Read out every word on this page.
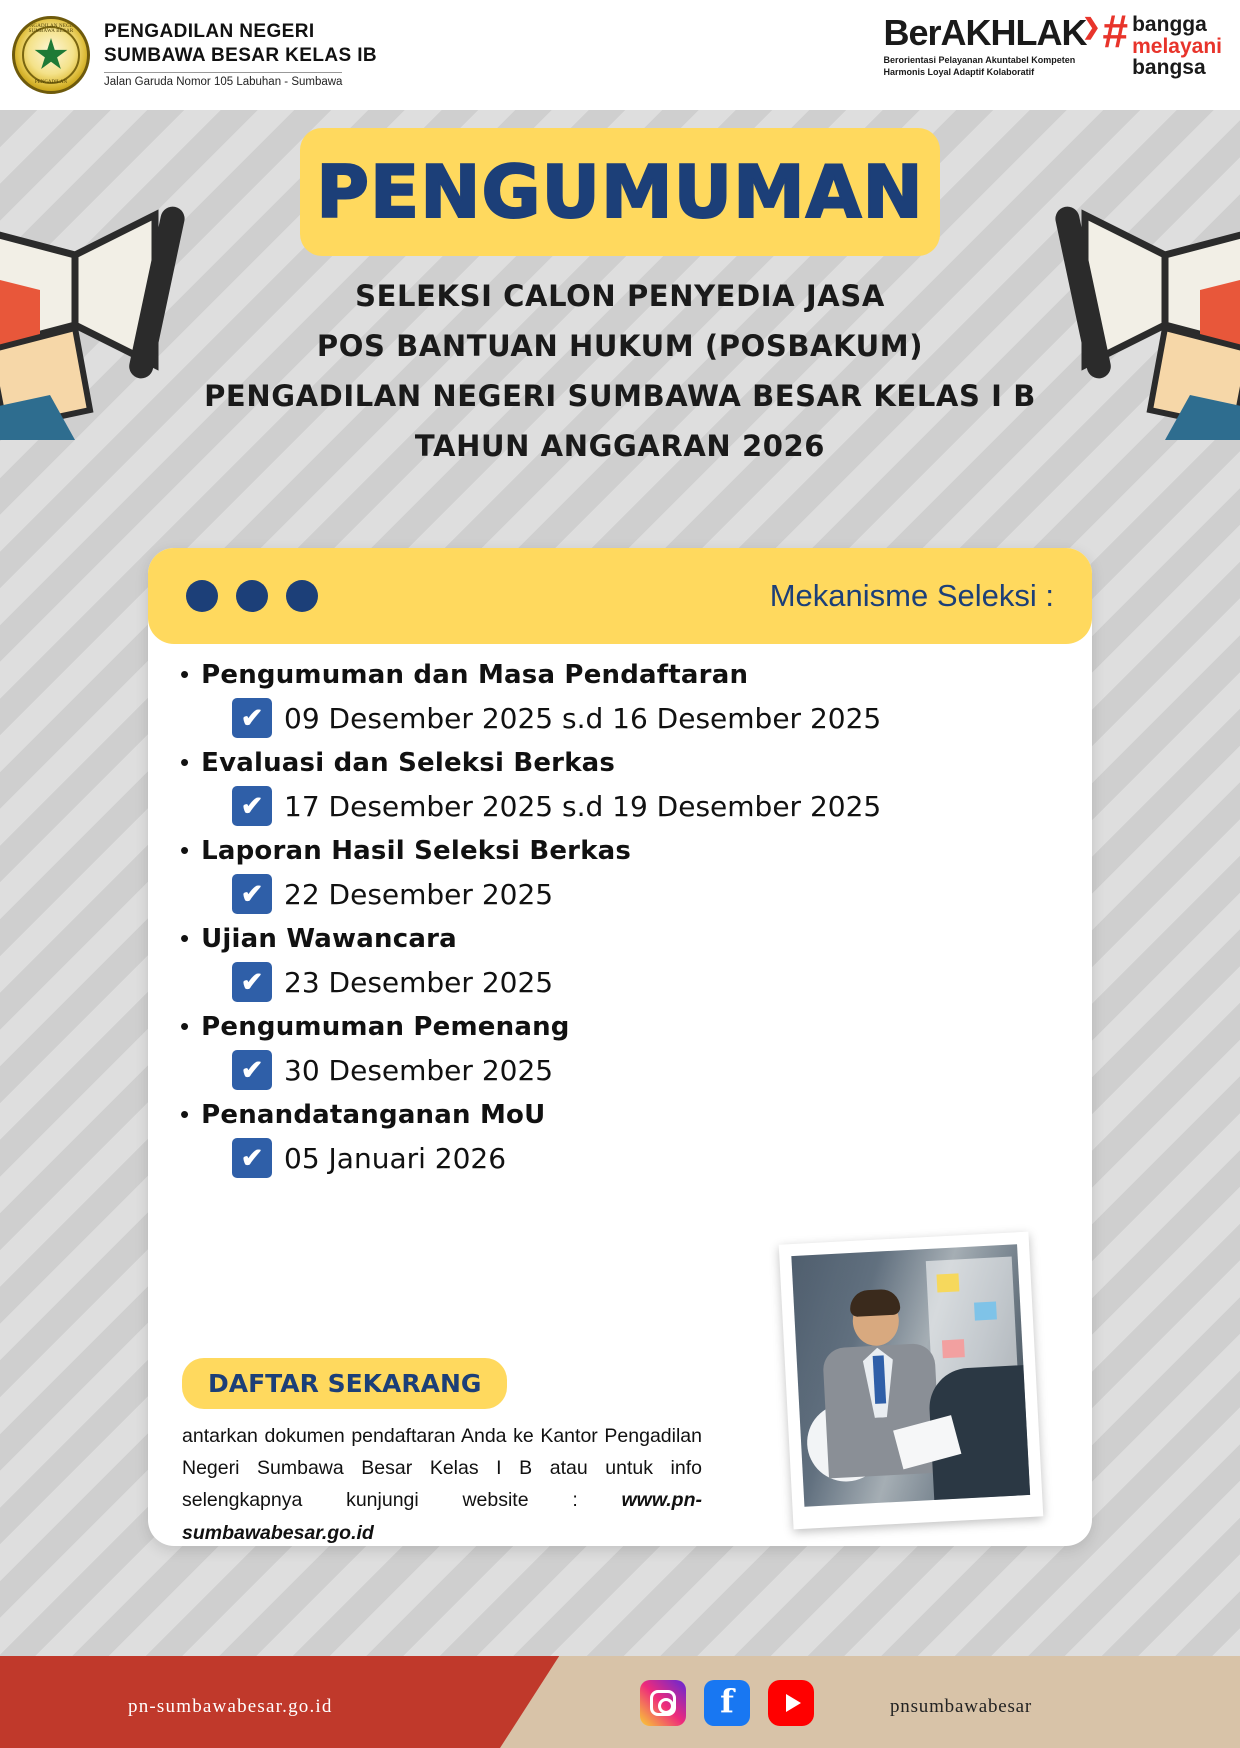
PENGADILAN NEGERI SUMBAWA BESAR
PENGADILAN
PENGADILAN NEGERI
SUMBAWA BESAR KELAS IB
Jalan Garuda Nomor 105 Labuhan - Sumbawa
BerAKHLAK
❯
Berorientasi Pelayanan Akuntabel Kompeten
Harmonis Loyal Adaptif Kolaboratif
# bangga
melayani
bangsa
PENGUMUMAN
SELEKSI CALON PENYEDIA JASA
POS BANTUAN HUKUM (POSBAKUM)
PENGADILAN NEGERI SUMBAWA BESAR KELAS I B
TAHUN ANGGARAN 2026
Mekanisme Seleksi :
• Pengumuman dan Masa Pendaftaran
✔ 09 Desember 2025 s.d 16 Desember 2025
• Evaluasi dan Seleksi Berkas
✔ 17 Desember 2025 s.d 19 Desember 2025
• Laporan Hasil Seleksi Berkas
✔ 22 Desember 2025
• Ujian Wawancara
✔ 23 Desember 2025
• Pengumuman Pemenang
✔ 30 Desember 2025
• Penandatanganan MoU
✔ 05 Januari 2026
DAFTAR SEKARANG
antarkan dokumen pendaftaran Anda ke Kantor Pengadilan Negeri Sumbawa Besar Kelas I B atau untuk info selengkapnya kunjungi website : www.pn-sumbawabesar.go.id
pn-sumbawabesar.go.id	f	pnsumbawabesar
